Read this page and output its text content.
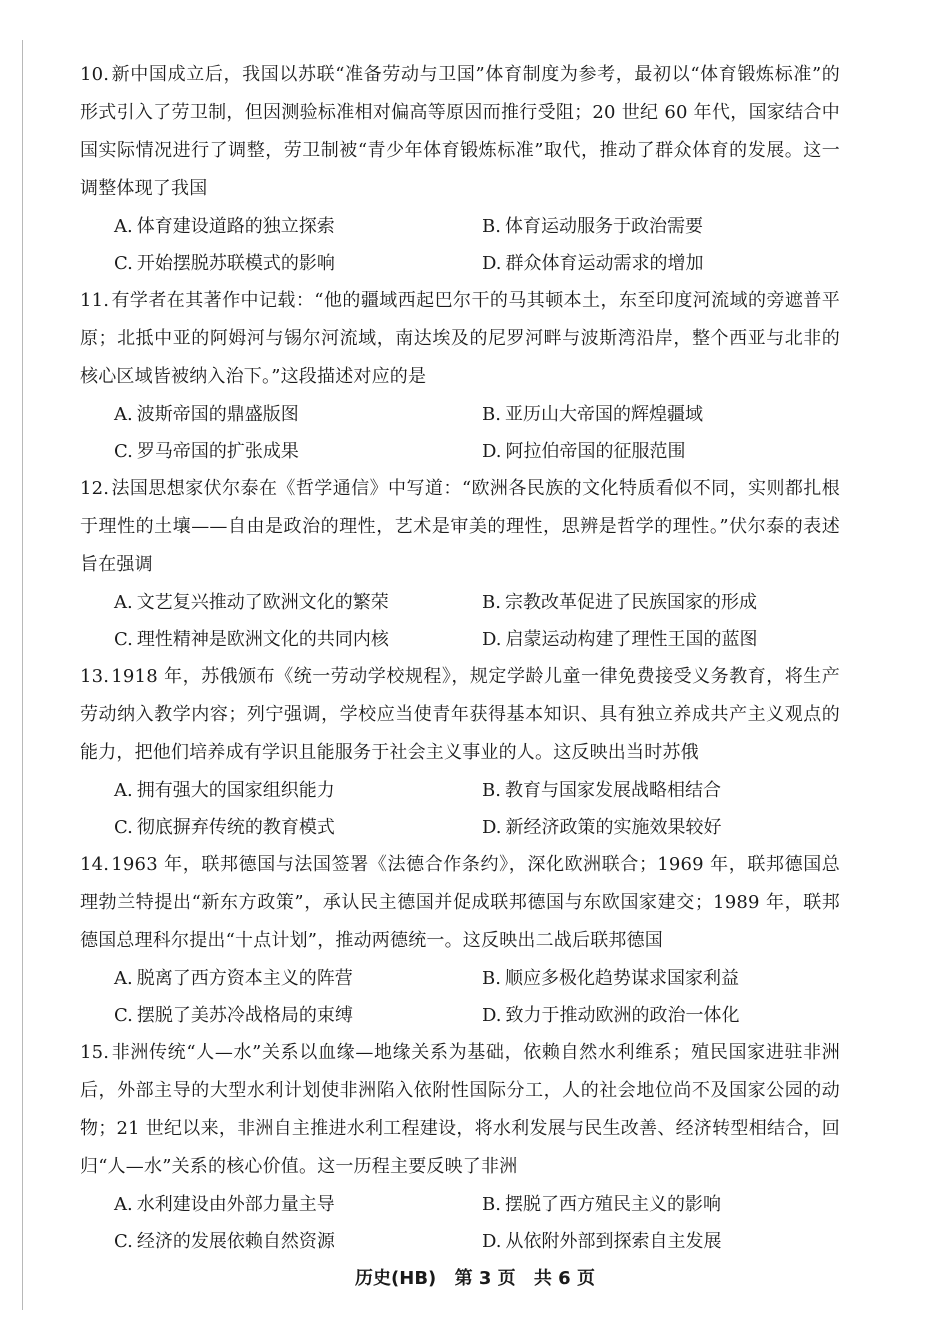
10. 新中国成立后，我国以苏联“准备劳动与卫国”体育制度为参考，最初以“体育锻炼标准”的形式引入了劳卫制，但因测验标准相对偏高等原因而推行受阻；20 世纪 60 年代，国家结合中国实际情况进行了调整，劳卫制被“青少年体育锻炼标准”取代，推动了群众体育的发展。这一调整体现了我国

A. 体育建设道路的独立探索	B. 体育运动服务于政治需要
C. 开始摆脱苏联模式的影响	D. 群众体育运动需求的增加

11. 有学者在其著作中记载：“他的疆域西起巴尔干的马其顿本土，东至印度河流域的旁遮普平原；北抵中亚的阿姆河与锡尔河流域，南达埃及的尼罗河畔与波斯湾沿岸，整个西亚与北非的核心区域皆被纳入治下。”这段描述对应的是

A. 波斯帝国的鼎盛版图	B. 亚历山大帝国的辉煌疆域
C. 罗马帝国的扩张成果	D. 阿拉伯帝国的征服范围

12. 法国思想家伏尔泰在《哲学通信》中写道：“欧洲各民族的文化特质看似不同，实则都扎根于理性的土壤——自由是政治的理性，艺术是审美的理性，思辨是哲学的理性。”伏尔泰的表述旨在强调

A. 文艺复兴推动了欧洲文化的繁荣	B. 宗教改革促进了民族国家的形成
C. 理性精神是欧洲文化的共同内核	D. 启蒙运动构建了理性王国的蓝图

13. 1918 年，苏俄颁布《统一劳动学校规程》，规定学龄儿童一律免费接受义务教育，将生产劳动纳入教学内容；列宁强调，学校应当使青年获得基本知识、具有独立养成共产主义观点的能力，把他们培养成有学识且能服务于社会主义事业的人。这反映出当时苏俄

A. 拥有强大的国家组织能力	B. 教育与国家发展战略相结合
C. 彻底摒弃传统的教育模式	D. 新经济政策的实施效果较好

14. 1963 年，联邦德国与法国签署《法德合作条约》，深化欧洲联合；1969 年，联邦德国总理勃兰特提出“新东方政策”，承认民主德国并促成联邦德国与东欧国家建交；1989 年，联邦德国总理科尔提出“十点计划”，推动两德统一。这反映出二战后联邦德国

A. 脱离了西方资本主义的阵营	B. 顺应多极化趋势谋求国家利益
C. 摆脱了美苏冷战格局的束缚	D. 致力于推动欧洲的政治一体化

15. 非洲传统“人—水”关系以血缘—地缘关系为基础，依赖自然水利维系；殖民国家进驻非洲后，外部主导的大型水利计划使非洲陷入依附性国际分工，人的社会地位尚不及国家公园的动物；21 世纪以来，非洲自主推进水利工程建设，将水利发展与民生改善、经济转型相结合，回归“人—水”关系的核心价值。这一历程主要反映了非洲

A. 水利建设由外部力量主导	B. 摆脱了西方殖民主义的影响
C. 经济的发展依赖自然资源	D. 从依附外部到探索自主发展
历史(HB) 第 3 页 共 6 页
